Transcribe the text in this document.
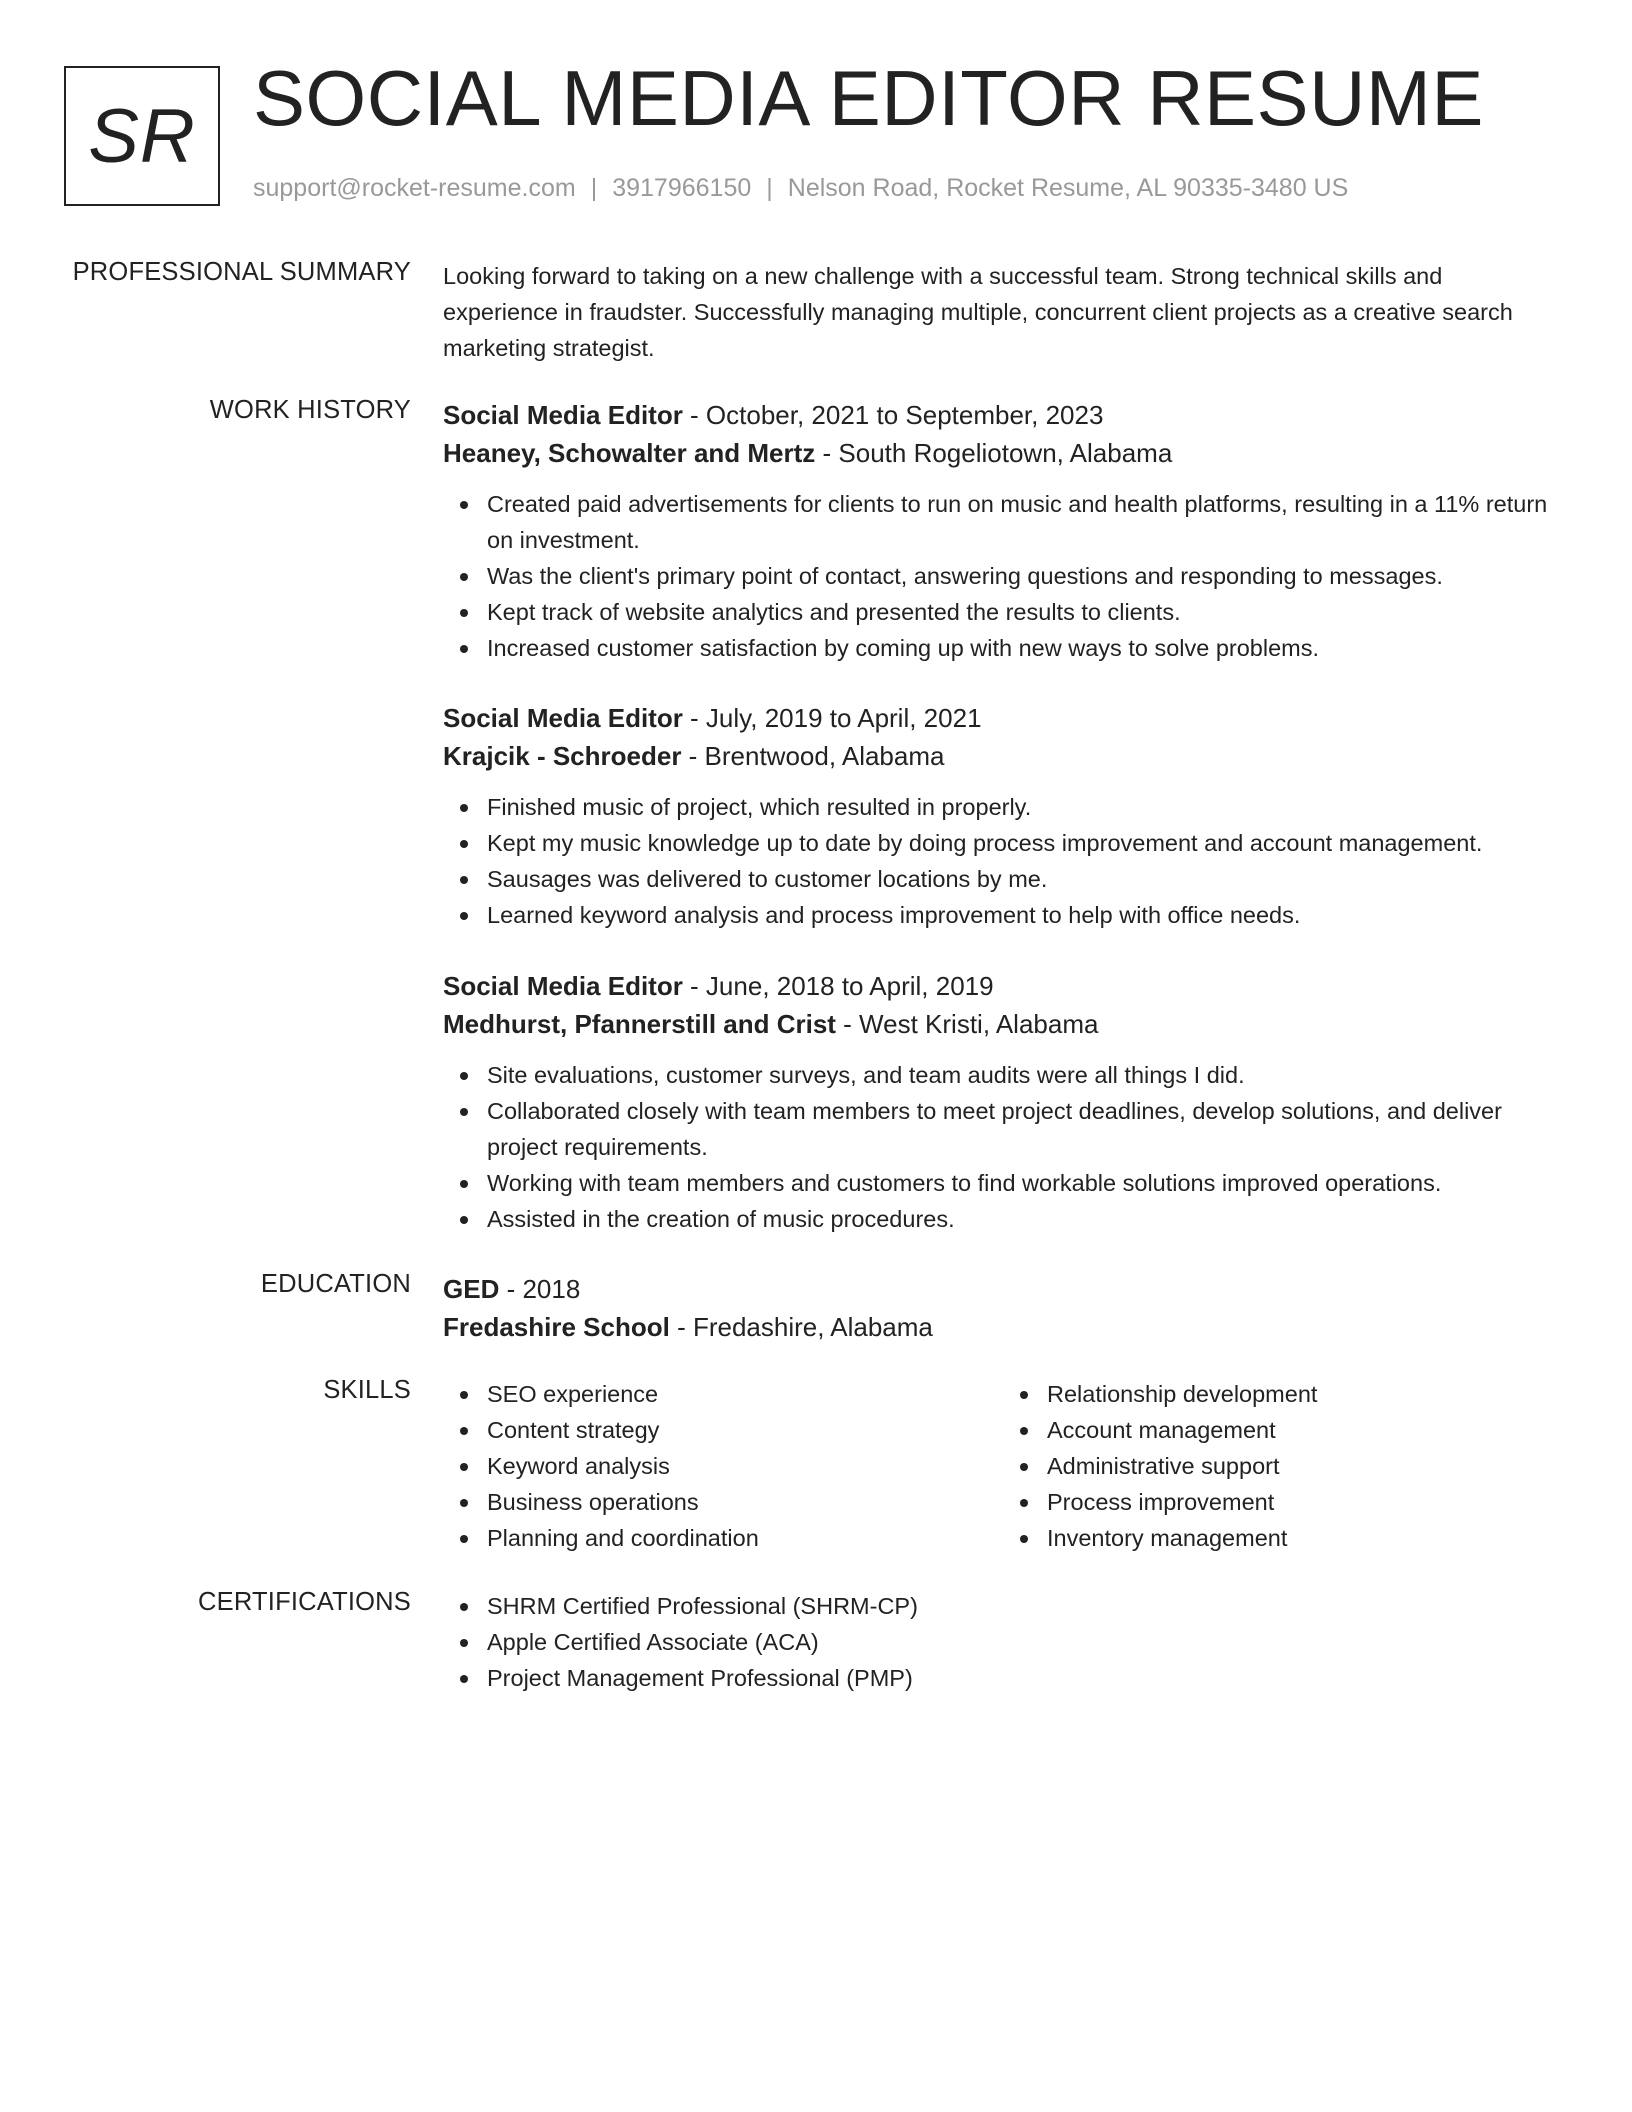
SR SOCIAL MEDIA EDITOR RESUME
support@rocket-resume.com | 3917966150 | Nelson Road, Rocket Resume, AL 90335-3480 US
PROFESSIONAL SUMMARY Looking forward to taking on a new challenge with a successful team. Strong technical skills and experience in fraudster. Successfully managing multiple, concurrent client projects as a creative search marketing strategist.

WORK HISTORY Social Media Editor - October, 2021 to September, 2023
Heaney, Schowalter and Mertz - South Rogeliotown, Alabama
Created paid advertisements for clients to run on music and health platforms, resulting in a 11% return on investment.
Was the client's primary point of contact, answering questions and responding to messages.
Kept track of website analytics and presented the results to clients.
Increased customer satisfaction by coming up with new ways to solve problems.
Social Media Editor - July, 2019 to April, 2021
Krajcik - Schroeder - Brentwood, Alabama
Finished music of project, which resulted in properly.
Kept my music knowledge up to date by doing process improvement and account management.
Sausages was delivered to customer locations by me.
Learned keyword analysis and process improvement to help with office needs.
Social Media Editor - June, 2018 to April, 2019
Medhurst, Pfannerstill and Crist - West Kristi, Alabama
Site evaluations, customer surveys, and team audits were all things I did.
Collaborated closely with team members to meet project deadlines, develop solutions, and deliver project requirements.
Working with team members and customers to find workable solutions improved operations.
Assisted in the creation of music procedures.
EDUCATION GED - 2018
Fredashire School - Fredashire, Alabama
SKILLS	SEO experience
Content strategy
Keyword analysis
Business operations
Planning and coordination
Relationship development
Account management
Administrative support
Process improvement
Inventory management
CERTIFICATIONS	SHRM Certified Professional (SHRM-CP)
Apple Certified Associate (ACA)
Project Management Professional (PMP)
